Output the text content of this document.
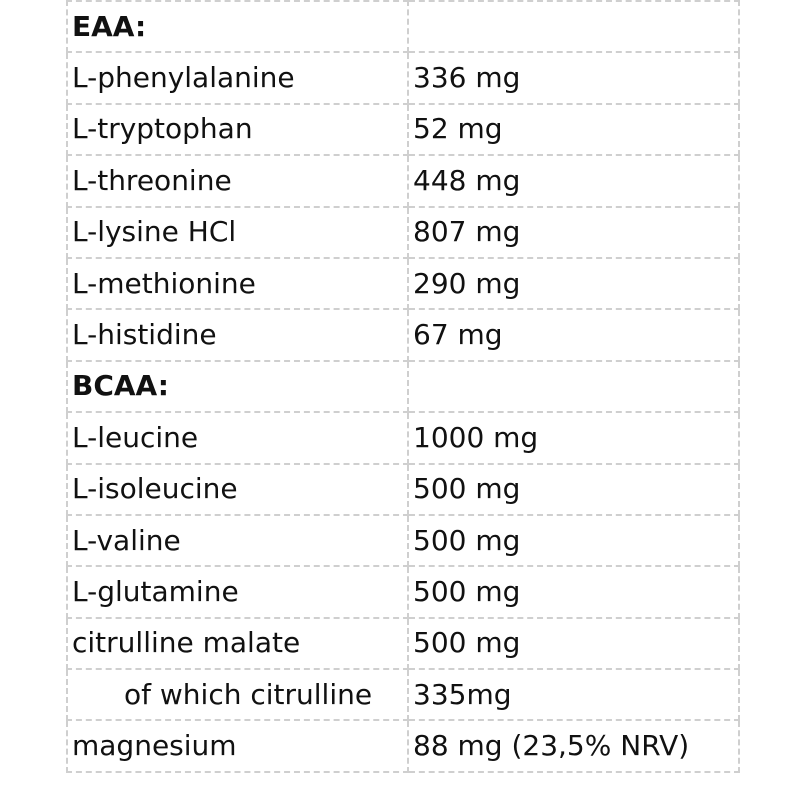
EAA:	
L-phenylalanine	336 mg
L-tryptophan	52 mg
L-threonine	448 mg
L-lysine HCl	807 mg
L-methionine	290 mg
L-histidine	67 mg
BCAA:	
L-leucine	1000 mg
L-isoleucine	500 mg
L-valine	500 mg
L-glutamine	500 mg
citrulline malate	500 mg
of which citrulline	335mg
magnesium	88 mg (23,5% NRV)
